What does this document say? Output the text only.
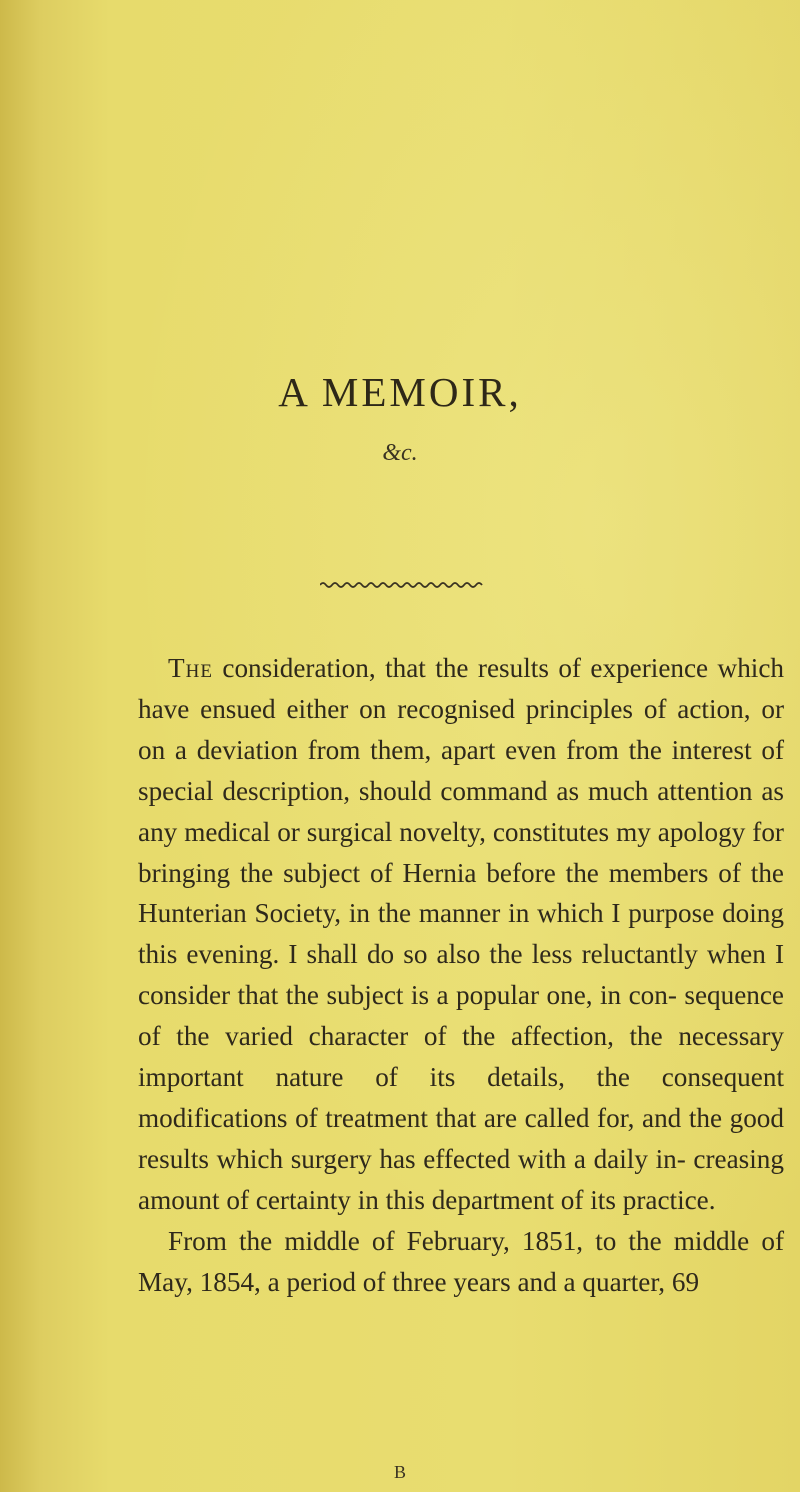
A MEMOIR,
&c.

The consideration, that the results of experience which have ensued either on recognised principles of action, or on a deviation from them, apart even from the interest of special description, should command as much attention as any medical or surgical novelty, constitutes my apology for bringing the subject of Hernia before the members of the Hunterian Society, in the manner in which I purpose doing this evening. I shall do so also the less reluctantly when I consider that the subject is a popular one, in con- sequence of the varied character of the affection, the necessary important nature of its details, the consequent modifications of treatment that are called for, and the good results which surgery has effected with a daily in- creasing amount of certainty in this department of its practice.

From the middle of February, 1851, to the middle of May, 1854, a period of three years and a quarter, 69

B
